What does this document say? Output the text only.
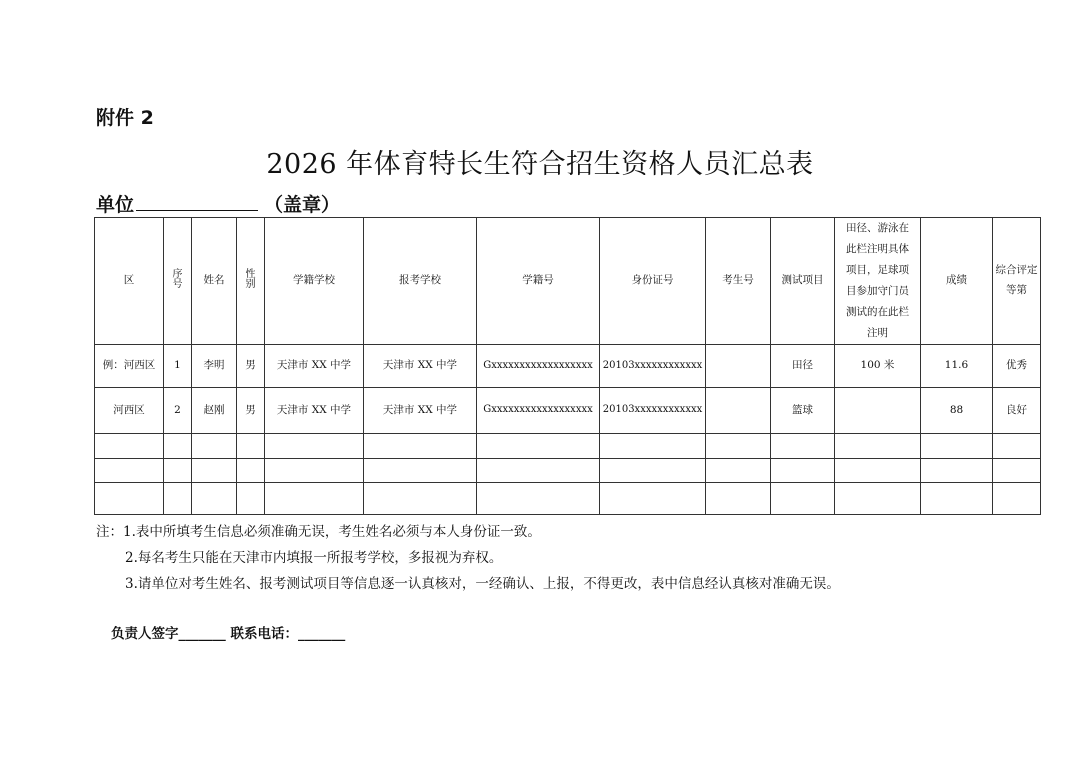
附件 2
2026 年体育特长生符合招生资格人员汇总表
单位	（盖章）
区	序号	姓名	性别	学籍学校	报考学校	学籍号	身份证号	考生号	测试项目	田径、游泳在此栏注明具体项目，足球项目参加守门员测试的在此栏注明	成绩	综合评定等第
例：河西区	1	李明	男	天津市 XX 中学	天津市 XX 中学	Gxxxxxxxxxxxxxxxxxx	20103xxxxxxxxxxxx		田径	100 米	11.6	优秀
河西区	2	赵刚	男	天津市 XX 中学	天津市 XX 中学	Gxxxxxxxxxxxxxxxxxx	20103xxxxxxxxxxxx		篮球		88	良好

注：1.表中所填考生信息必须准确无误，考生姓名必须与本人身份证一致。
2.每名考生只能在天津市内填报一所报考学校，多报视为弃权。
3.请单位对考生姓名、报考测试项目等信息逐一认真核对，一经确认、上报，不得更改，表中信息经认真核对准确无误。
负责人签字_______ 联系电话：_______
